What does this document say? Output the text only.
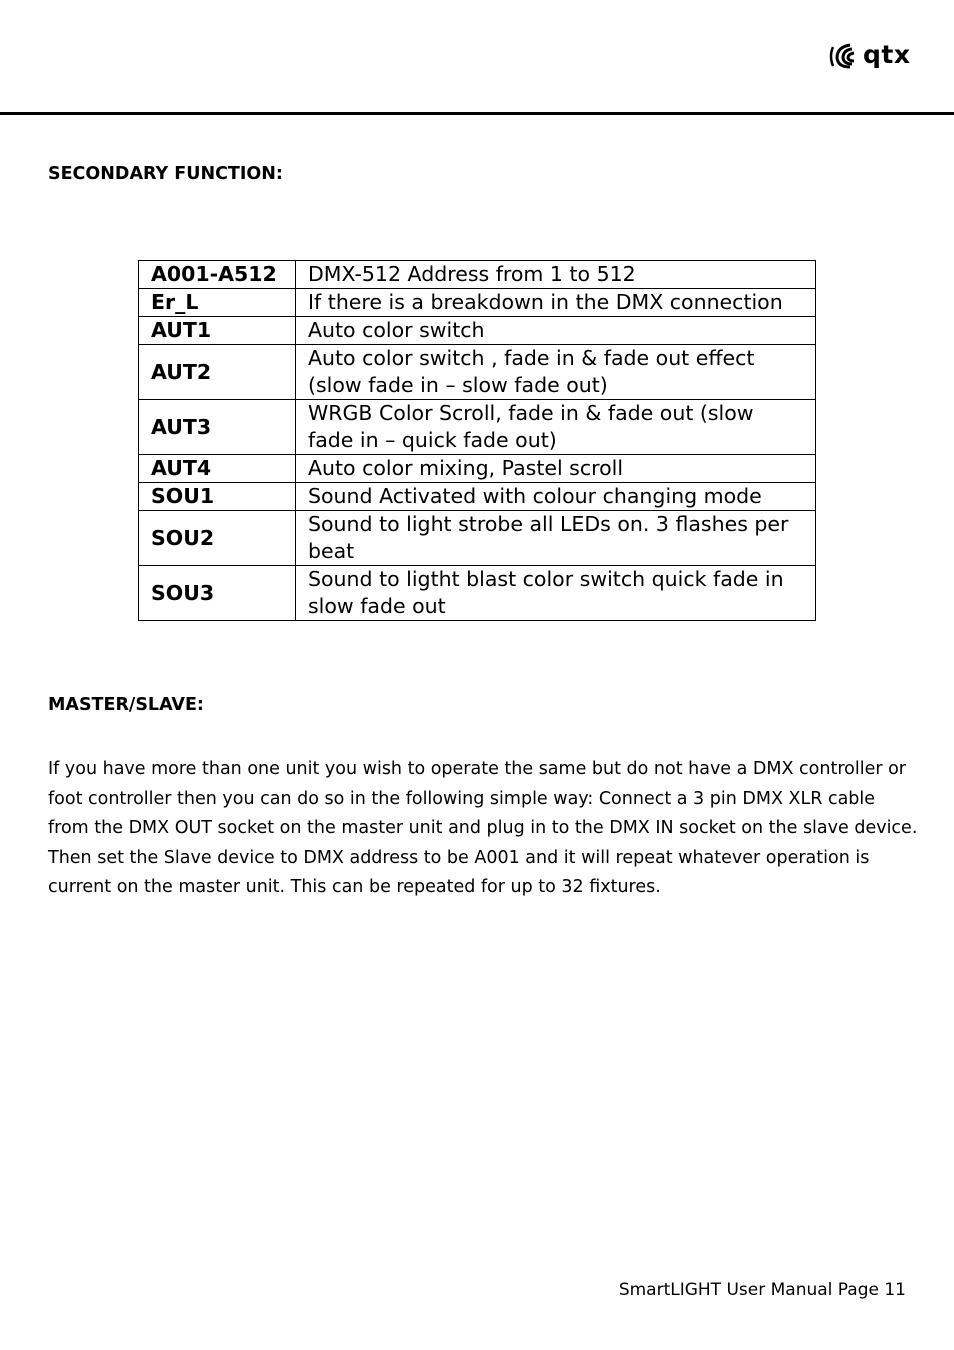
qtx
SECONDARY FUNCTION:
A001-A512	DMX-512 Address from 1 to 512
Er_L	If there is a breakdown in the DMX connection
AUT1	Auto color switch
AUT2	Auto color switch , fade in & fade out effect (slow fade in – slow fade out)
AUT3	WRGB Color Scroll, fade in & fade out (slow fade in – quick fade out)
AUT4	Auto color mixing, Pastel scroll
SOU1	Sound Activated with colour changing mode
SOU2	Sound to light strobe all LEDs on. 3 flashes per beat
SOU3	Sound to ligtht blast color switch quick fade in slow fade out
MASTER/SLAVE:

If you have more than one unit you wish to operate the same but do not have a DMX controller or foot controller then you can do so in the following simple way: Connect a 3 pin DMX XLR cable from the DMX OUT socket on the master unit and plug in to the DMX IN socket on the slave device. Then set the Slave device to DMX address to be A001 and it will repeat whatever operation is current on the master unit. This can be repeated for up to 32 fixtures.

SmartLIGHT User Manual Page 11
